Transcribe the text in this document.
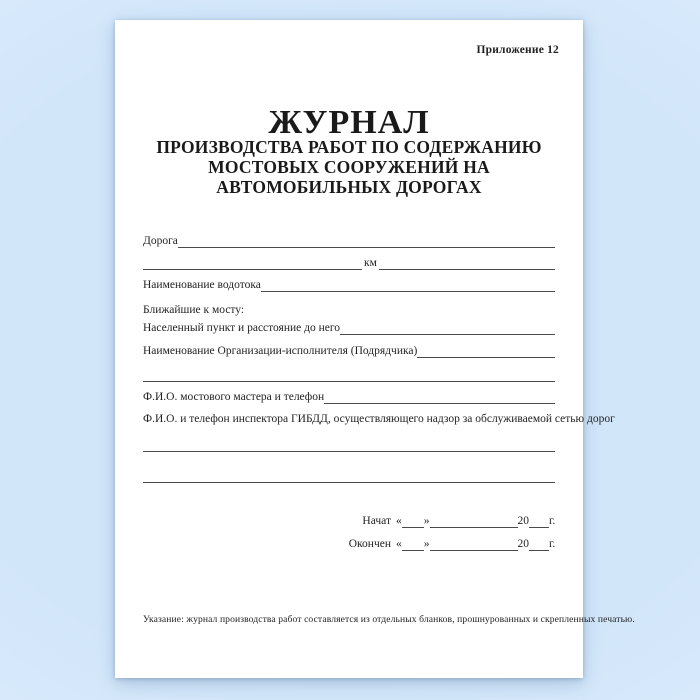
Приложение 12
ЖУРНАЛ
ПРОИЗВОДСТВА РАБОТ ПО СОДЕРЖАНИЮ
МОСТОВЫХ СООРУЖЕНИЙ НА
АВТОМОБИЛЬНЫХ ДОРОГАХ
Дорога
км
Наименование водотока
Ближайшие к мосту:
Населенный пункт и расстояние до него
Наименование Организации-исполнителя (Подрядчика)
Ф.И.О. мостового мастера и телефон
Ф.И.О. и телефон инспектора ГИБДД, осуществляющего надзор за обслуживаемой сетью дорог
Начат « »	20 г.
Окончен « »	20 г.
Указание: журнал производства работ составляется из отдельных бланков, прошнурованных и скрепленных печатью.
